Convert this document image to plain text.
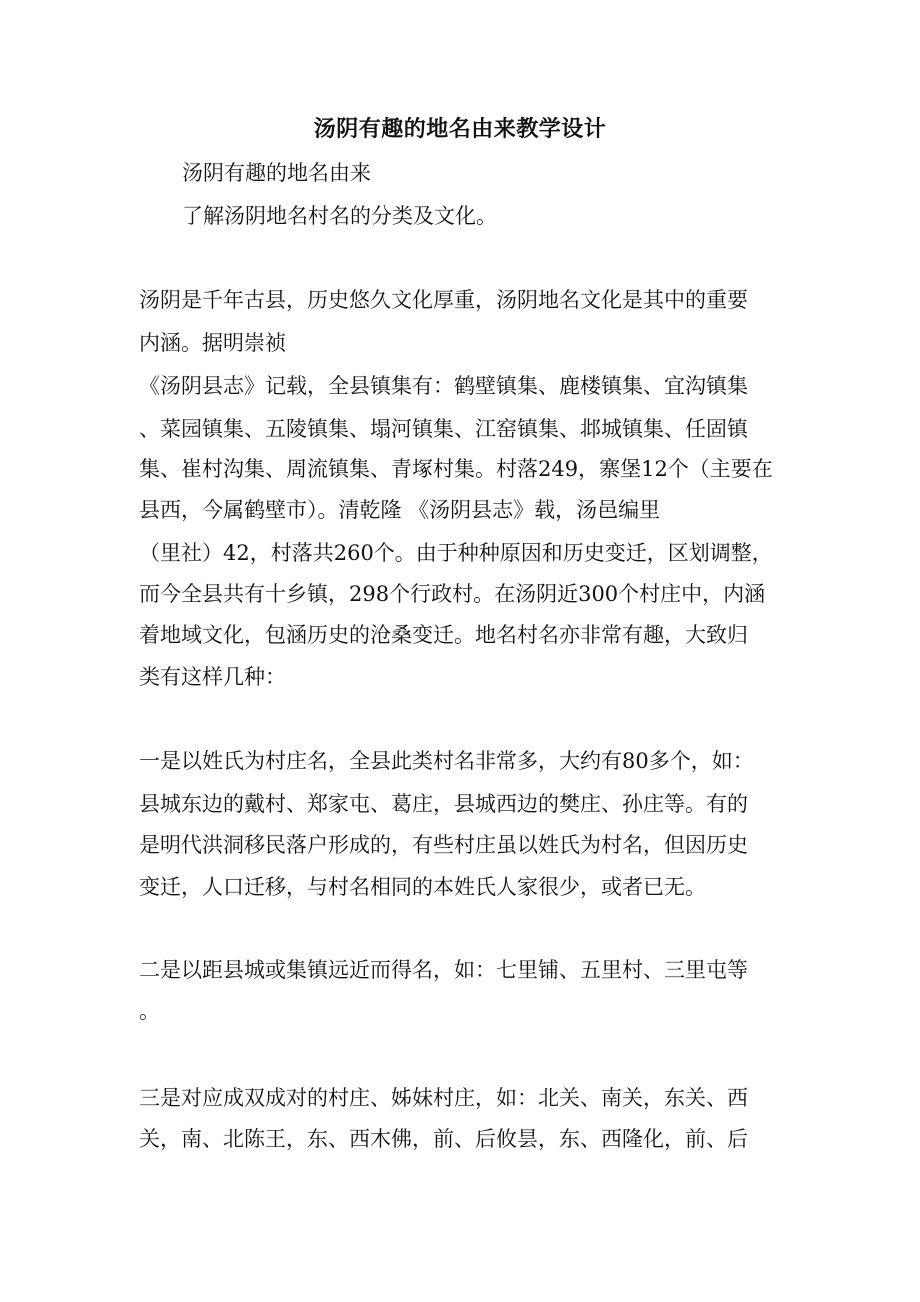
汤阴有趣的地名由来教学设计
汤阴有趣的地名由来
了解汤阴地名村名的分类及文化。
汤阴是千年古县，历史悠久文化厚重，汤阴地名文化是其中的重要
内涵。据明崇祯
《汤阴县志》记载，全县镇集有：鹤壁镇集、鹿楼镇集、宜沟镇集
、菜园镇集、五陵镇集、塌河镇集、江窑镇集、邶城镇集、任固镇
集、崔村沟集、周流镇集、青塚村集。村落249，寨堡12个（主要在
县西，今属鹤壁市）。清乾隆 《汤阴县志》载，汤邑编里
（里社）42，村落共260个。由于种种原因和历史变迁，区划调整，
而今全县共有十乡镇，298个行政村。在汤阴近300个村庄中，内涵
着地域文化，包涵历史的沧桑变迁。地名村名亦非常有趣，大致归
类有这样几种：
一是以姓氏为村庄名，全县此类村名非常多，大约有80多个，如：
县城东边的戴村、郑家屯、葛庄，县城西边的樊庄、孙庄等。有的
是明代洪洞移民落户形成的，有些村庄虽以姓氏为村名，但因历史
变迁，人口迁移，与村名相同的本姓氏人家很少，或者已无。
二是以距县城或集镇远近而得名，如：七里铺、五里村、三里屯等
。
三是对应成双成对的村庄、姊妹村庄，如：北关、南关，东关、西
关，南、北陈王，东、西木佛，前、后攸昙，东、西隆化，前、后
